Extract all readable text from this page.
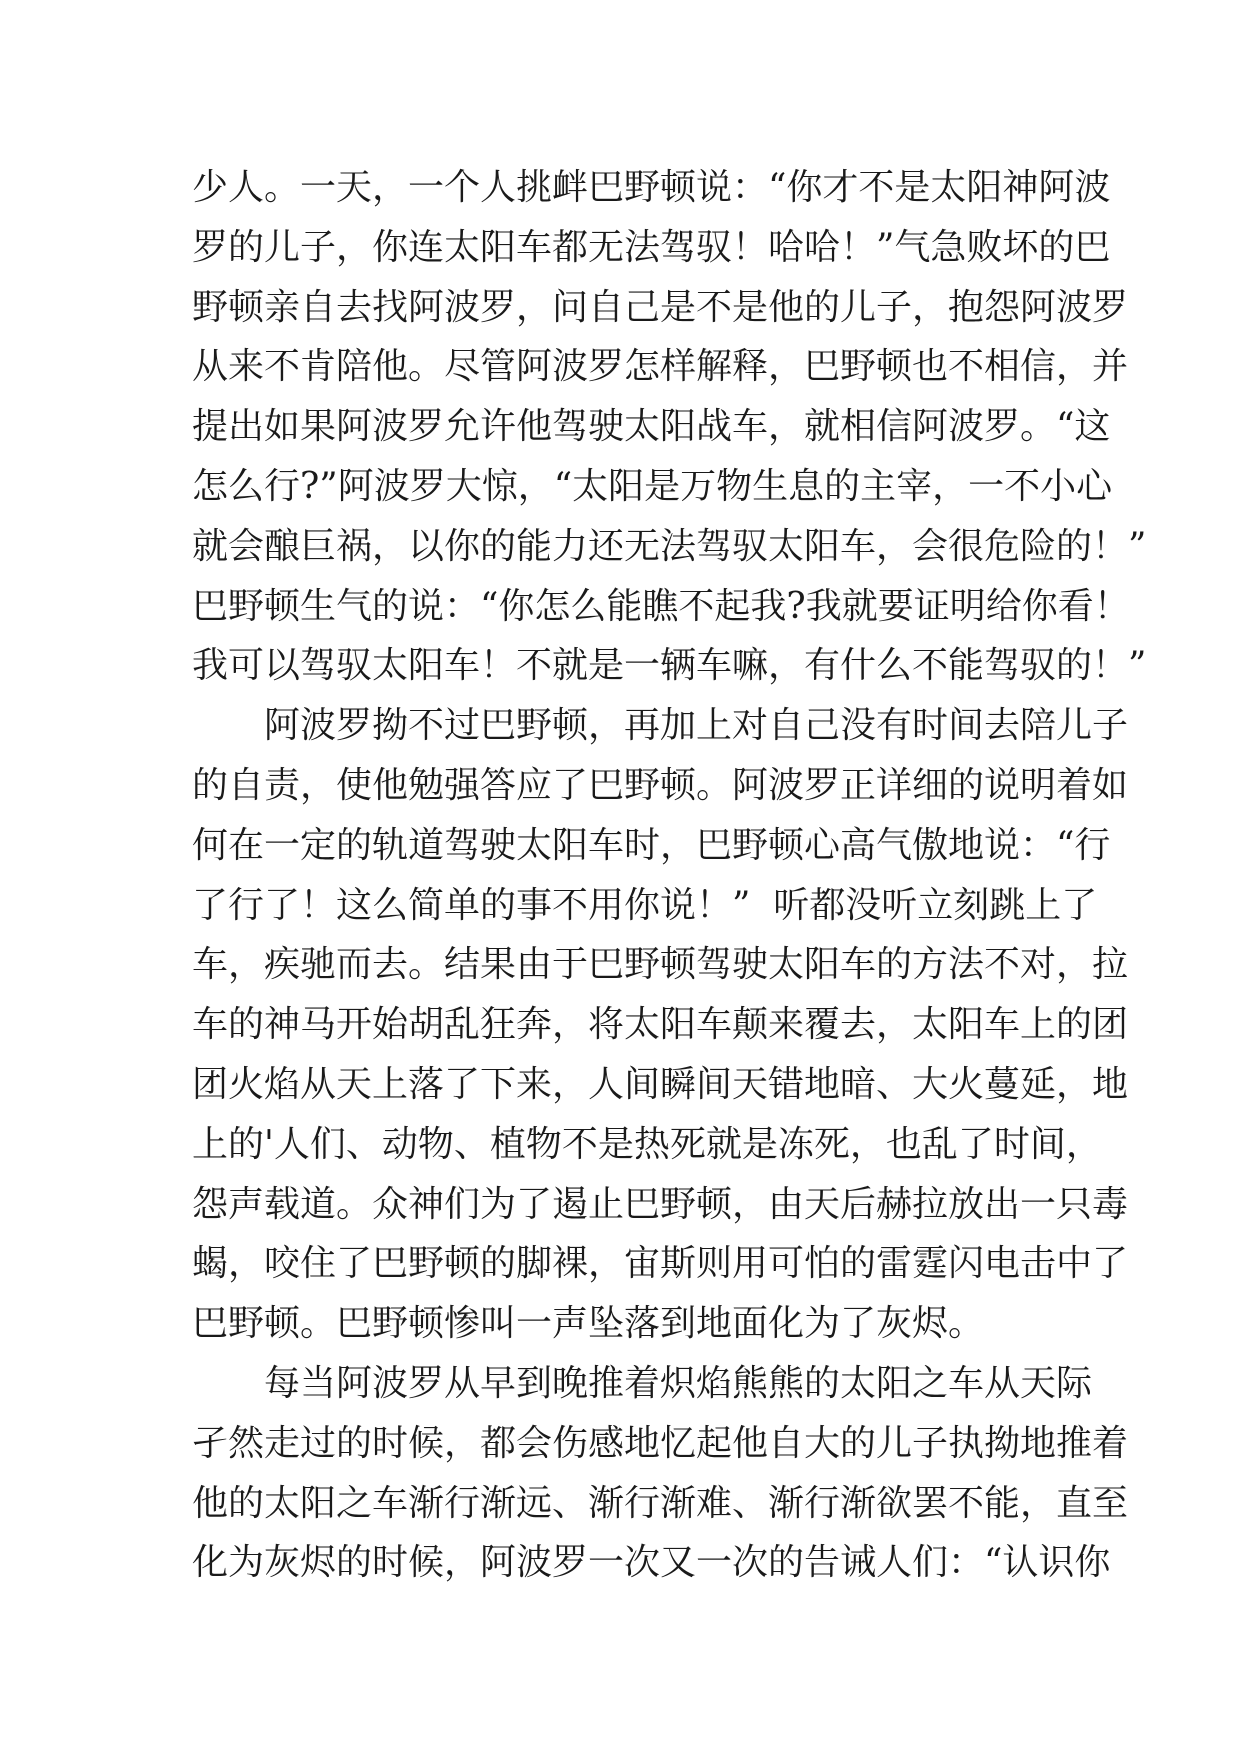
少人。一天，一个人挑衅巴野顿说：“你才不是太阳神阿波
罗的儿子，你连太阳车都无法驾驭！哈哈！”气急败坏的巴
野顿亲自去找阿波罗，问自己是不是他的儿子，抱怨阿波罗
从来不肯陪他。尽管阿波罗怎样解释，巴野顿也不相信，并
提出如果阿波罗允许他驾驶太阳战车，就相信阿波罗。“这
怎么行?”阿波罗大惊，“太阳是万物生息的主宰，一不小心
就会酿巨祸，以你的能力还无法驾驭太阳车，会很危险的！”
巴野顿生气的说：“你怎么能瞧不起我?我就要证明给你看！
我可以驾驭太阳车！不就是一辆车嘛，有什么不能驾驭的！”
　　阿波罗拗不过巴野顿，再加上对自己没有时间去陪儿子
的自责，使他勉强答应了巴野顿。阿波罗正详细的说明着如
何在一定的轨道驾驶太阳车时，巴野顿心高气傲地说：“行
了行了！这么简单的事不用你说！”  听都没听立刻跳上了
车，疾驰而去。结果由于巴野顿驾驶太阳车的方法不对，拉
车的神马开始胡乱狂奔，将太阳车颠来覆去，太阳车上的团
团火焰从天上落了下来，人间瞬间天错地暗、大火蔓延，地
上的'人们、动物、植物不是热死就是冻死，也乱了时间，
怨声载道。众神们为了遏止巴野顿，由天后赫拉放出一只毒
蝎，咬住了巴野顿的脚裸，宙斯则用可怕的雷霆闪电击中了
巴野顿。巴野顿惨叫一声坠落到地面化为了灰烬。
　　每当阿波罗从早到晚推着炽焰熊熊的太阳之车从天际
孑然走过的时候，都会伤感地忆起他自大的儿子执拗地推着
他的太阳之车渐行渐远、渐行渐难、渐行渐欲罢不能，直至
化为灰烬的时候，阿波罗一次又一次的告诫人们：“认识你
